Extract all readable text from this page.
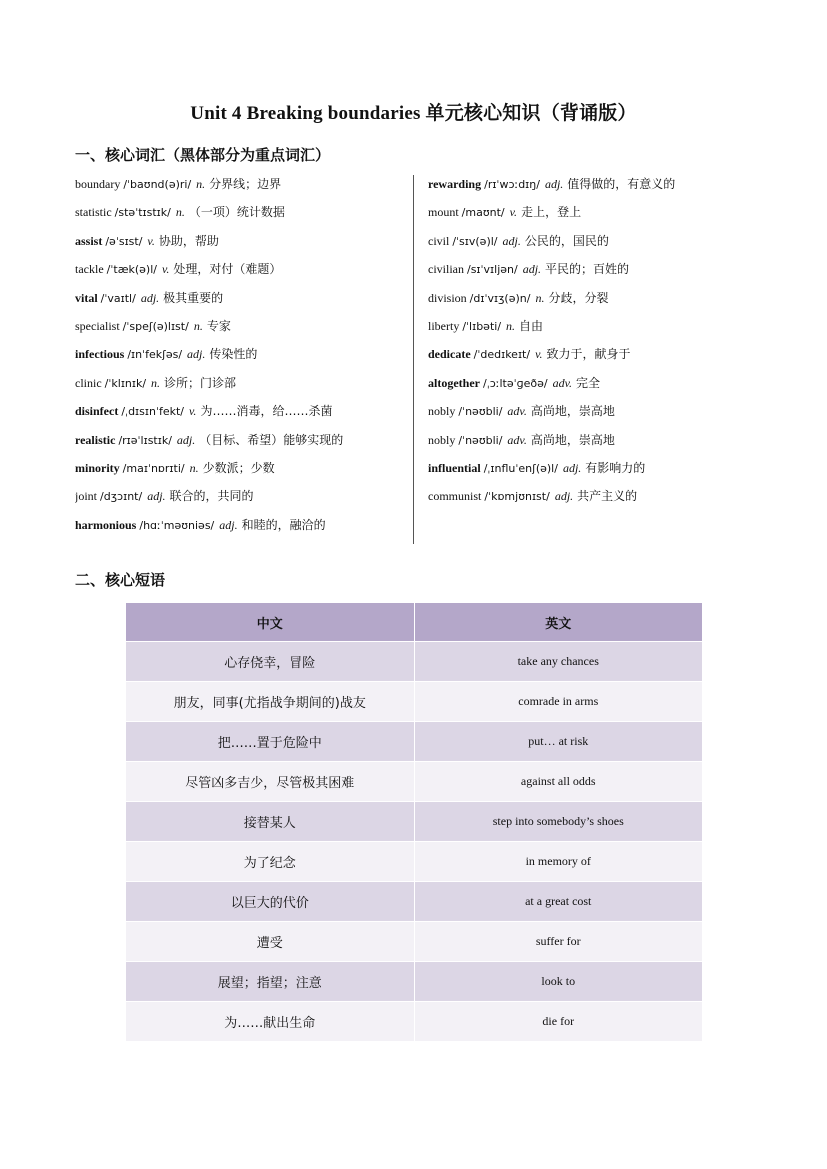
Unit 4 Breaking boundaries 单元核心知识（背诵版）
一、核心词汇（黑体部分为重点词汇）
boundary /ˈbaʊnd(ə)ri/ n. 分界线；边界
statistic /stəˈtɪstɪk/ n. （一项）统计数据
assist /əˈsɪst/ v. 协助，帮助
tackle /ˈtæk(ə)l/ v. 处理，对付（难题）
vital /ˈvaɪtl/ adj. 极其重要的
specialist /ˈspeʃ(ə)lɪst/ n. 专家
infectious /ɪnˈfekʃəs/ adj. 传染性的
clinic /ˈklɪnɪk/ n. 诊所；门诊部
disinfect /ˌdɪsɪnˈfekt/ v. 为……消毒，给……杀菌
realistic /rɪəˈlɪstɪk/ adj. （目标、希望）能够实现的
minority /maɪˈnɒrɪti/ n. 少数派；少数
joint /dʒɔɪnt/ adj. 联合的，共同的
harmonious /hɑːˈməʊniəs/ adj. 和睦的，融洽的
rewarding /rɪˈwɔːdɪŋ/ adj. 值得做的，有意义的
mount /maʊnt/ v. 走上，登上
civil /ˈsɪv(ə)l/ adj. 公民的，国民的
civilian /sɪˈvɪljən/ adj. 平民的；百姓的
division /dɪˈvɪʒ(ə)n/ n. 分歧，分裂
liberty /ˈlɪbəti/ n. 自由
dedicate /ˈdedɪkeɪt/ v. 致力于，献身于
altogether /ˌɔːltəˈɡeðə/ adv. 完全
nobly /ˈnəʊbli/ adv. 高尚地，崇高地
nobly /ˈnəʊbli/ adv. 高尚地，崇高地
influential /ˌɪnfluˈenʃ(ə)l/ adj. 有影响力的
communist /ˈkɒmjʊnɪst/ adj. 共产主义的
二、核心短语
中文	英文
心存侥幸，冒险	take any chances
朋友，同事(尤指战争期间的)战友	comrade in arms
把……置于危险中	put… at risk
尽管凶多吉少，尽管极其困难	against all odds
接替某人	step into somebody’s shoes
为了纪念	in memory of
以巨大的代价	at a great cost
遭受	suffer for
展望；指望；注意	look to
为……献出生命	die for
